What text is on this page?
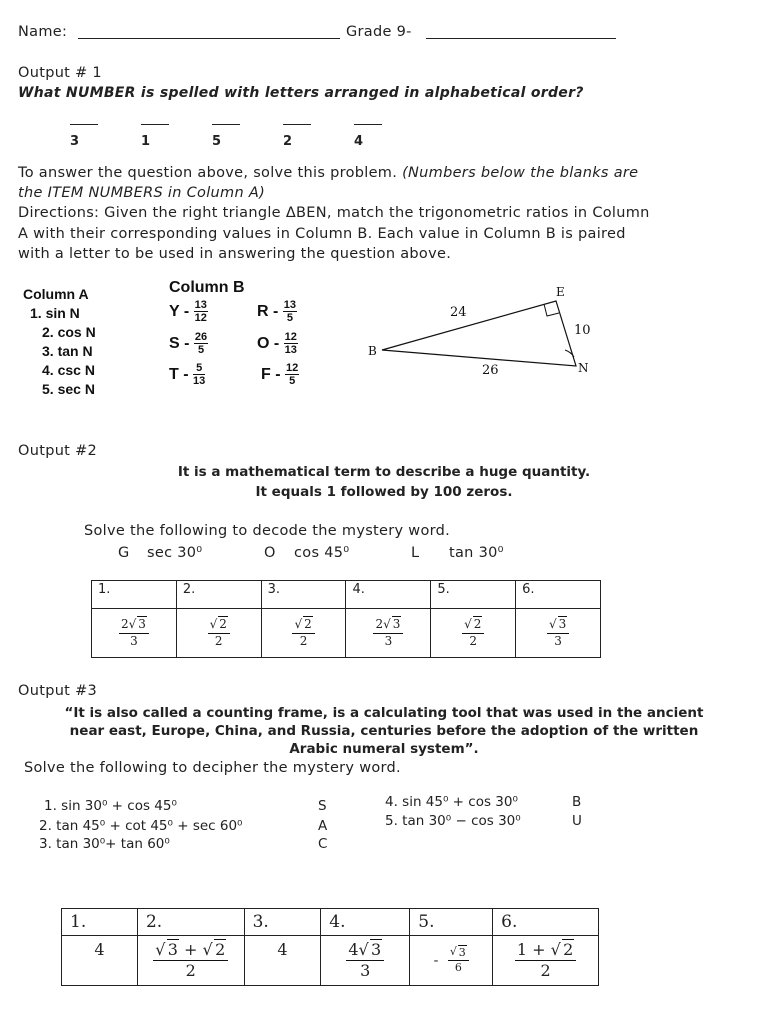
Name:	Grade 9-
Output # 1
What NUMBER is spelled with letters arranged in alphabetical order?
3	1	5	2	4
To answer the question above, solve this problem. (Numbers below the blanks are
the ITEM NUMBERS in Column A)
Directions: Given the right triangle ΔBEN, match the trigonometric ratios in Column
A with their corresponding values in Column B. Each value in Column B is paired
with a letter to be used in answering the question above.
Column A
1. sin N
2. cos N
3. tan N
4. csc N
5. sec N
Column B
Y - $\frac{13}{12}$	R - $\frac{13}{5}$
S - $\frac{26}{5}$	O - $\frac{12}{13}$
T - $\frac{5}{13}$	F - $\frac{12}{5}$
B
E
N
24
10
26
Output #2
It is a mathematical term to describe a huge quantity.
It equals 1 followed by 100 zeros.
Solve the following to decode the mystery word.
G sec 30⁰	O cos 45⁰	L tan 30⁰
1.	2.	3.	4.	5.	6.

$\frac{2 √ 3}{3}$	√ $\frac{2}{2}$	√ $\frac{2}{2}$	$\frac{2 √ 3}{3}$	√ $\frac{2}{2}$	√ $\frac{3}{3}$
Output #3
“It is also called a counting frame, is a calculating tool that was used in the ancient
near east, Europe, China, and Russia, centuries before the adoption of the written
Arabic numeral system”.
Solve the following to decipher the mystery word.
1. sin 30⁰ + cos 45⁰	S
2. tan 45⁰ + cot 45⁰ + sec 60⁰	A
3. tan 30⁰+ tan 60⁰	C
4. sin 45⁰ + cos 30⁰	B
5. tan 30⁰ − cos 30⁰	U
1.	2.	3.	4.	5.	6.
4	√ $\frac{3 + √ 2}{2}$	4	$\frac{4 √ 3}{3}$	- √ $\frac{3}{6}$	$\frac{1 + √ 2}{2}$
